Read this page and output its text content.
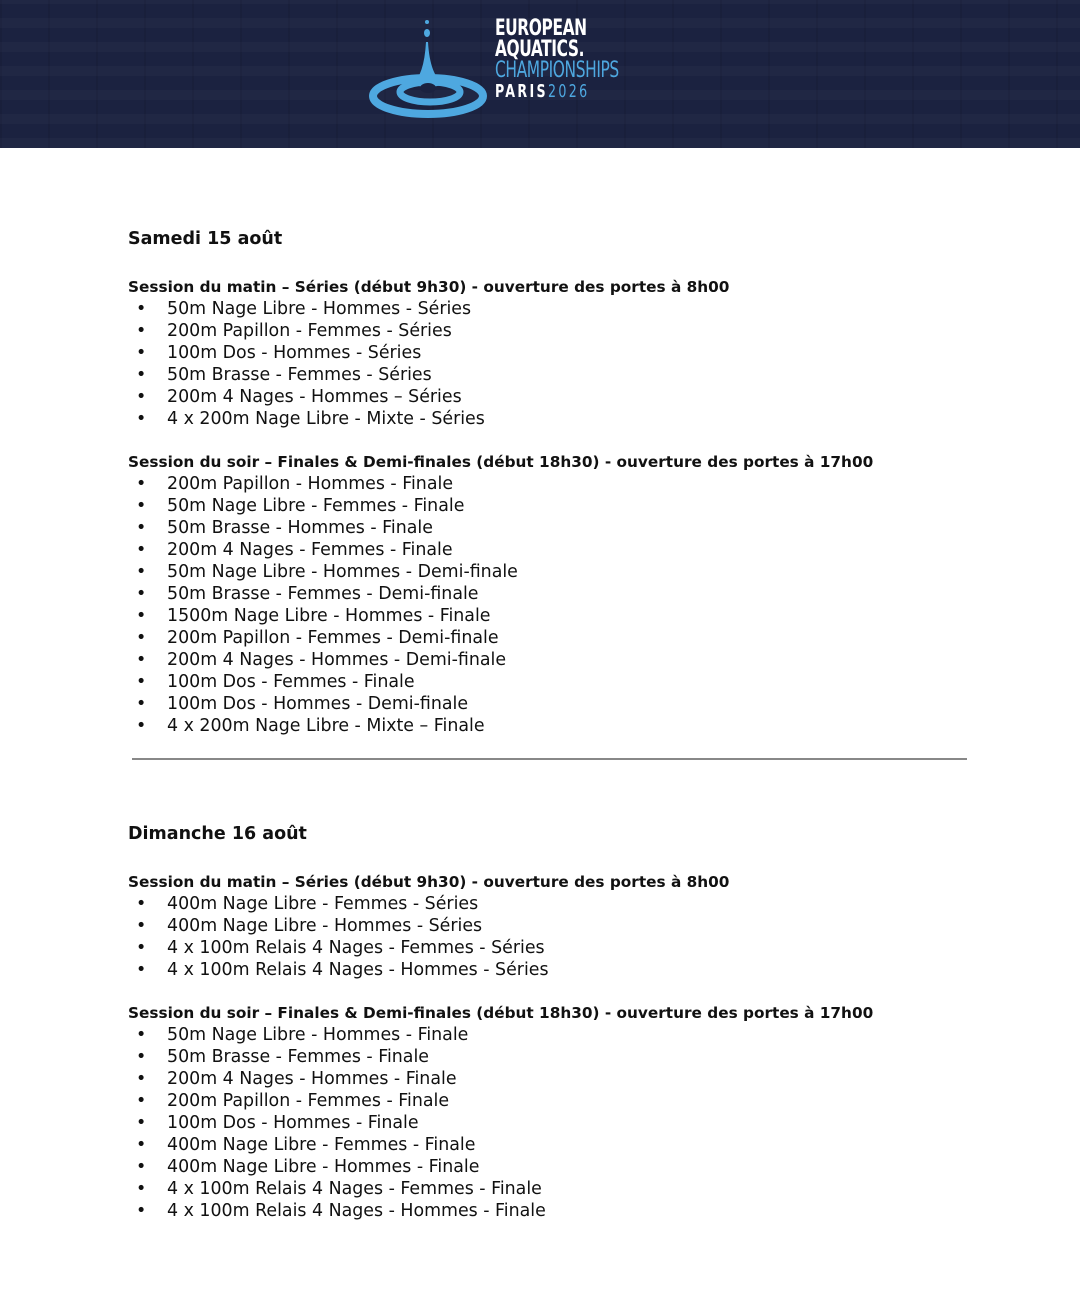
EUROPEAN
AQUATICS.
CHAMPIONSHIPS
PARIS2026
Samedi 15 août
Session du matin – Séries (début 9h30) - ouverture des portes à 8h00
• 50m Nage Libre - Hommes - Séries
• 200m Papillon - Femmes - Séries
• 100m Dos - Hommes - Séries
• 50m Brasse - Femmes - Séries
• 200m 4 Nages - Hommes – Séries
• 4 x 200m Nage Libre - Mixte - Séries
Session du soir – Finales & Demi-finales (début 18h30) - ouverture des portes à 17h00
• 200m Papillon - Hommes - Finale
• 50m Nage Libre - Femmes - Finale
• 50m Brasse - Hommes - Finale
• 200m 4 Nages - Femmes - Finale
• 50m Nage Libre - Hommes - Demi-finale
• 50m Brasse - Femmes - Demi-finale
• 1500m Nage Libre - Hommes - Finale
• 200m Papillon - Femmes - Demi-finale
• 200m 4 Nages - Hommes - Demi-finale
• 100m Dos - Femmes - Finale
• 100m Dos - Hommes - Demi-finale
• 4 x 200m Nage Libre - Mixte – Finale
Dimanche 16 août
Session du matin – Séries (début 9h30) - ouverture des portes à 8h00
• 400m Nage Libre - Femmes - Séries
• 400m Nage Libre - Hommes - Séries
• 4 x 100m Relais 4 Nages - Femmes - Séries
• 4 x 100m Relais 4 Nages - Hommes - Séries
Session du soir – Finales & Demi-finales (début 18h30) - ouverture des portes à 17h00
• 50m Nage Libre - Hommes - Finale
• 50m Brasse - Femmes - Finale
• 200m 4 Nages - Hommes - Finale
• 200m Papillon - Femmes - Finale
• 100m Dos - Hommes - Finale
• 400m Nage Libre - Femmes - Finale
• 400m Nage Libre - Hommes - Finale
• 4 x 100m Relais 4 Nages - Femmes - Finale
• 4 x 100m Relais 4 Nages - Hommes - Finale
